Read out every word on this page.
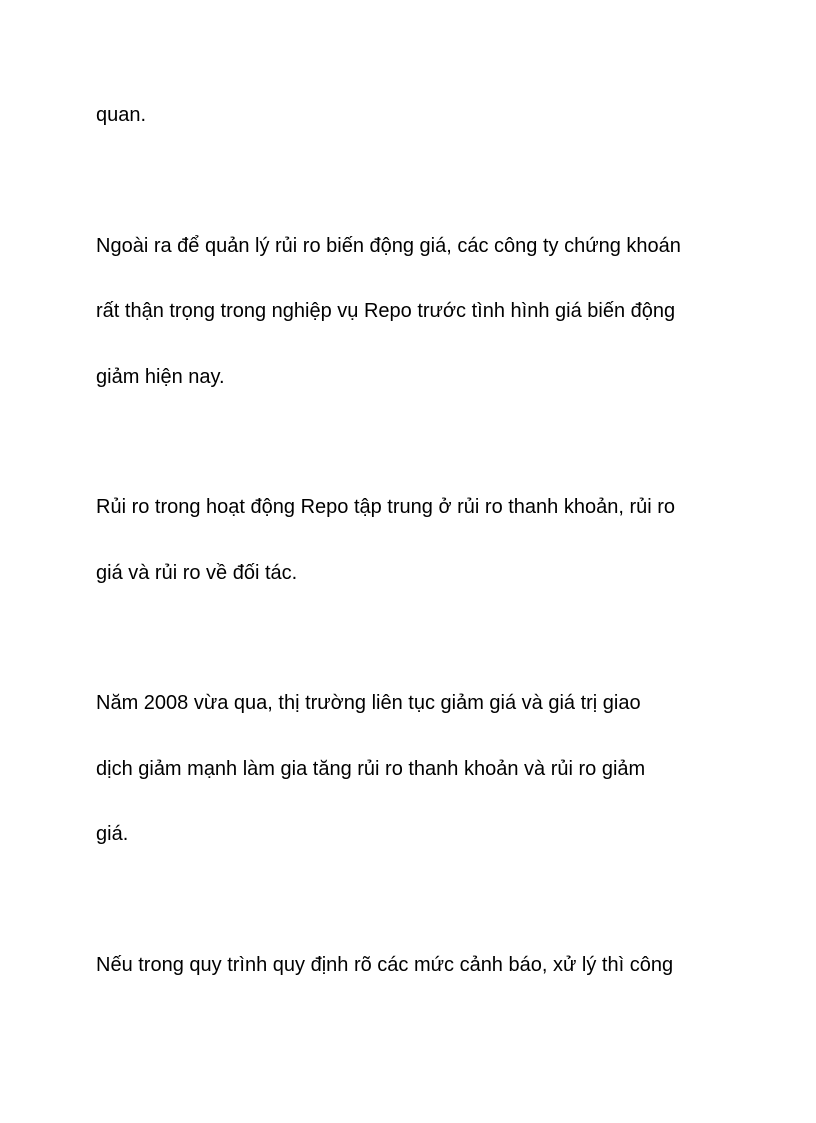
quan.

Ngoài ra để quản lý rủi ro biến động giá, các công ty chứng khoán

rất thận trọng trong nghiệp vụ Repo trước tình hình giá biến động

giảm hiện nay.

Rủi ro trong hoạt động Repo tập trung ở rủi ro thanh khoản, rủi ro

giá và rủi ro về đối tác.

Năm 2008 vừa qua, thị trường liên tục giảm giá và giá trị giao

dịch giảm mạnh làm gia tăng rủi ro thanh khoản và rủi ro giảm

giá.

Nếu trong quy trình quy định rõ các mức cảnh báo, xử lý thì công
